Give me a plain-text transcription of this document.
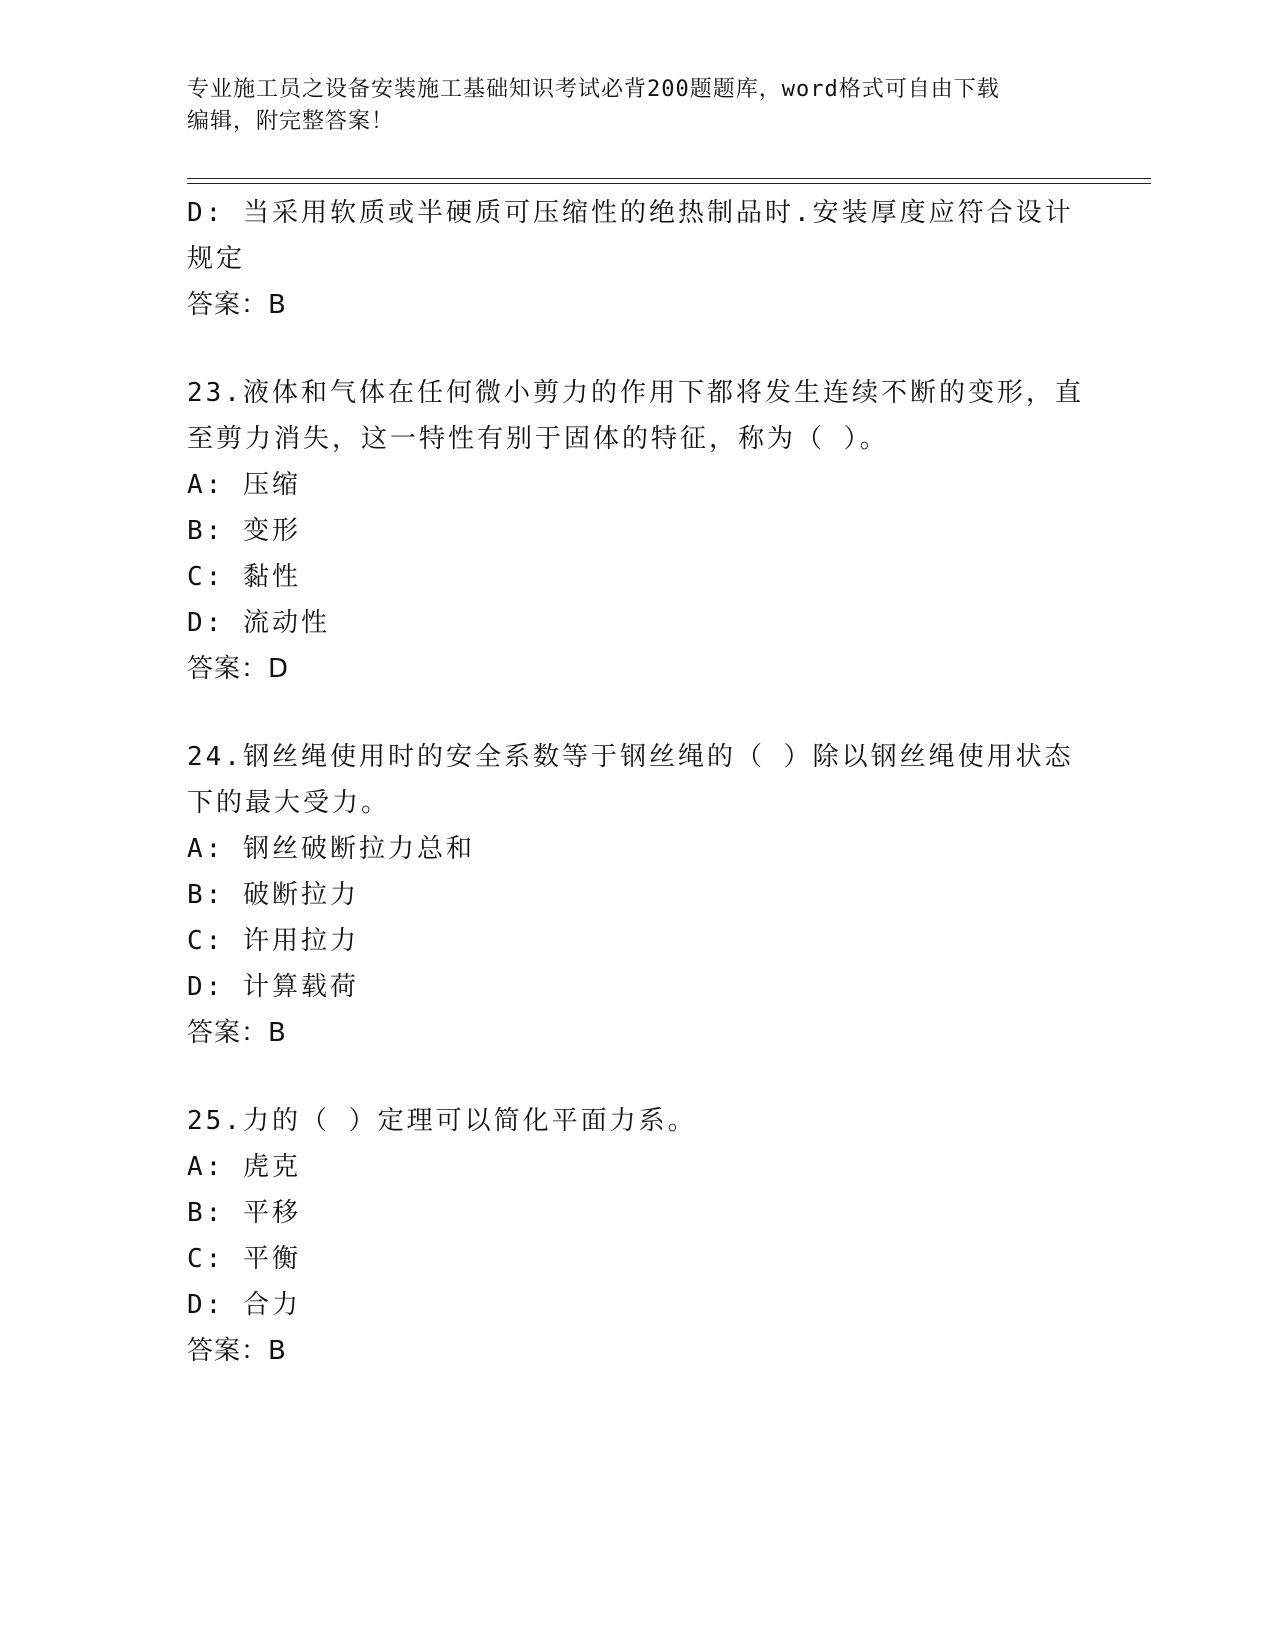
专业施工员之设备安装施工基础知识考试必背200题题库，word格式可自由下载
编辑，附完整答案！
D: 当采用软质或半硬质可压缩性的绝热制品时.安装厚度应符合设计
规定
答案：B
23.液体和气体在任何微小剪力的作用下都将发生连续不断的变形，直
至剪力消失，这一特性有别于固体的特征，称为（ ）。
A: 压缩
B: 变形
C: 黏性
D: 流动性
答案：D
24.钢丝绳使用时的安全系数等于钢丝绳的（ ）除以钢丝绳使用状态
下的最大受力。
A: 钢丝破断拉力总和
B: 破断拉力
C: 许用拉力
D: 计算载荷
答案：B
25.力的（ ）定理可以简化平面力系。
A: 虎克
B: 平移
C: 平衡
D: 合力
答案：B
